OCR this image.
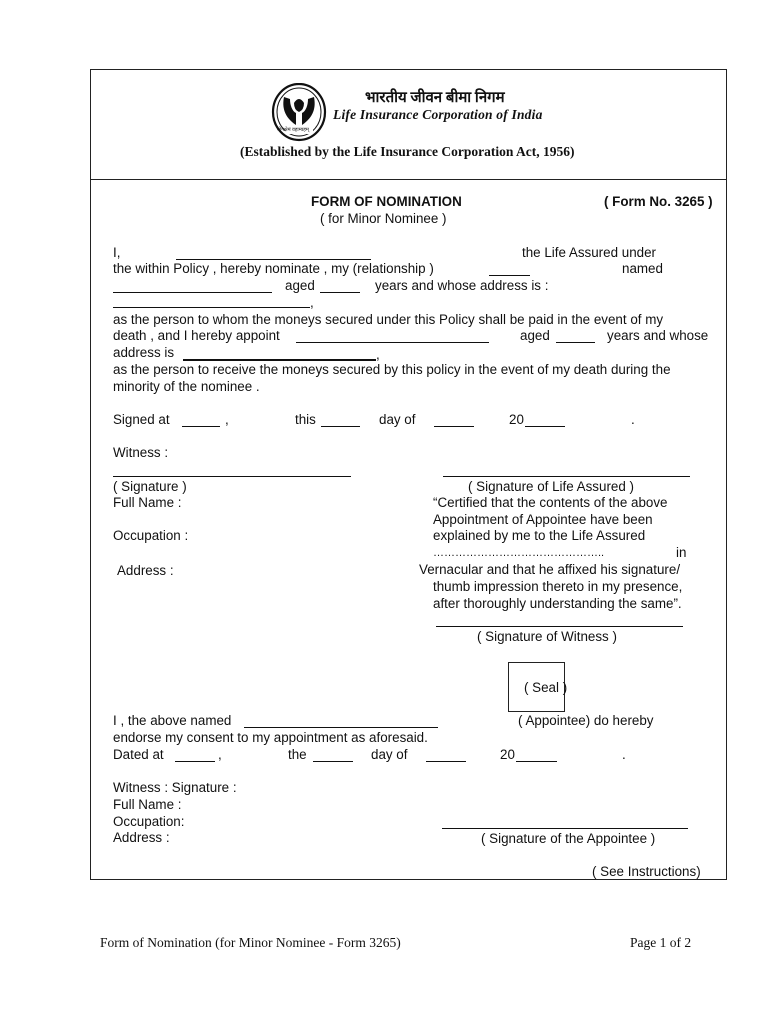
योगक्षेमं वहाम्यहम्
भारतीय जीवन बीमा निगम
Life Insurance Corporation of India
(Established by the Life Insurance Corporation Act, 1956)
FORM OF NOMINATION
( for Minor Nominee )
( Form No. 3265 )
I,	the Life Assured under
the within Policy , hereby nominate , my (relationship )	named
aged	years and whose address is :
,
as the person to whom the moneys secured under this Policy shall be paid in the event of my
death , and I hereby appoint	aged	years and whose
address is	,
as the person to receive the moneys secured by this policy in the event of my death during the
minority of the nominee .
Signed at	,	this	day of	20	.
Witness :
( Signature )
Full Name :
Occupation :
Address :
( Signature of Life Assured )
“Certified that the contents of the above
Appointment of Appointee have been
explained by me to the Life Assured
………………………………………..	in
Vernacular and that he affixed his signature/
thumb impression thereto in my presence,
after thoroughly understanding the same”.
( Signature of Witness )
( Seal )
I , the above named	( Appointee) do hereby
endorse my consent to my appointment as aforesaid.
Dated at	,	the	day of	20	.
Witness : Signature :
Full Name :
Occupation:
Address :	( Signature of the Appointee )
( See Instructions)
Form of Nomination (for Minor Nominee - Form 3265)	Page 1 of 2
